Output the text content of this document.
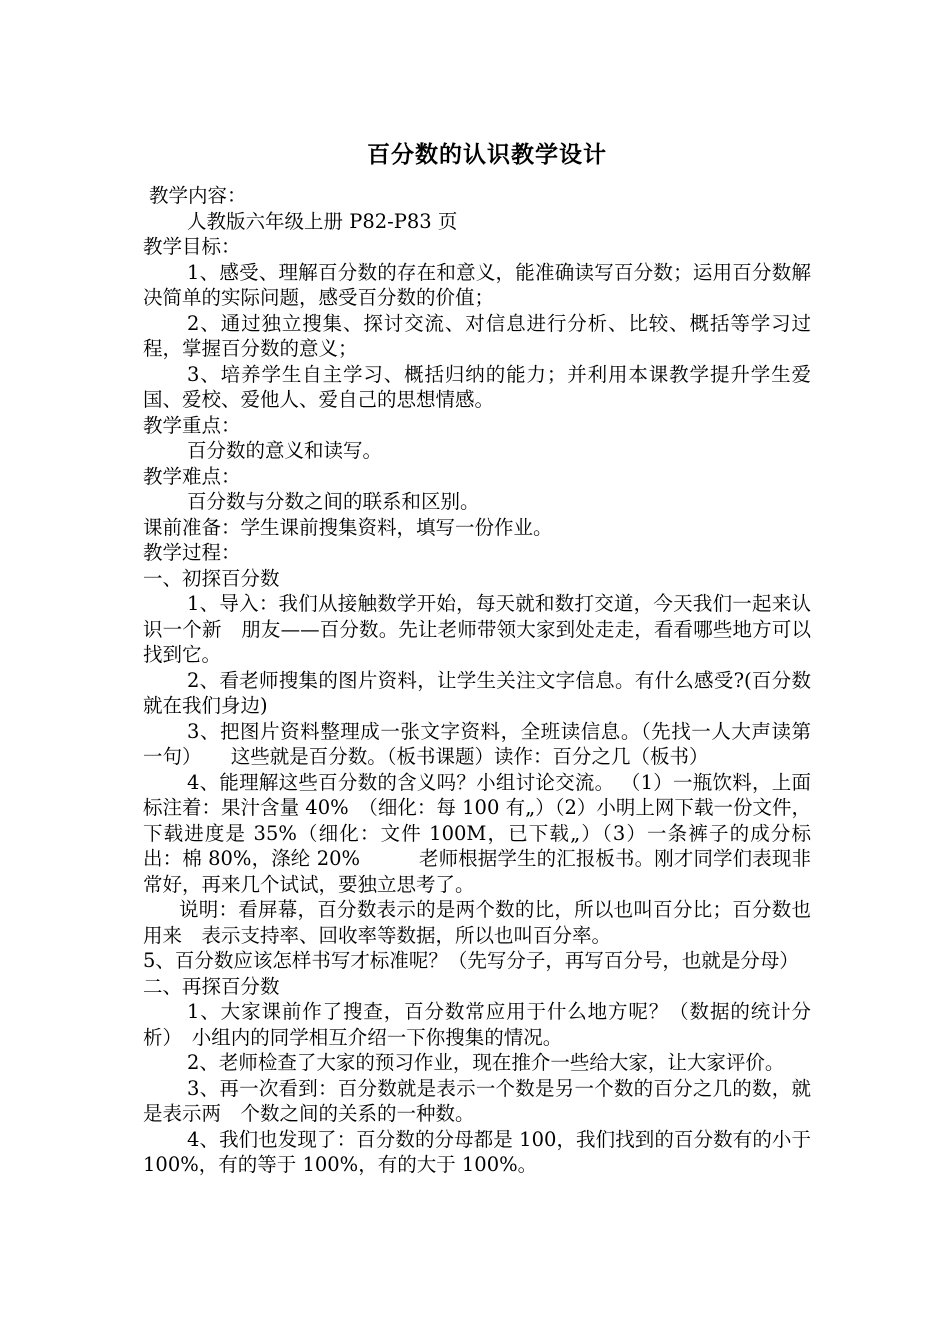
百分数的认识教学设计
教学内容：
人教版六年级上册 P82-P83 页
教学目标：
1、感受、理解百分数的存在和意义，能准确读写百分数；运用百分数解决简单的实际问题，感受百分数的价值；
2、通过独立搜集、探讨交流、对信息进行分析、比较、概括等学习过程，掌握百分数的意义；
3、培养学生自主学习、概括归纳的能力；并利用本课教学提升学生爱国、爱校、爱他人、爱自己的思想情感。
教学重点：
百分数的意义和读写。
教学难点：
百分数与分数之间的联系和区别。
课前准备：学生课前搜集资料，填写一份作业。
教学过程：
一、初探百分数
1、导入：我们从接触数学开始，每天就和数打交道，今天我们一起来认识一个新　朋友——百分数。先让老师带领大家到处走走，看看哪些地方可以找到它。
2、看老师搜集的图片资料，让学生关注文字信息。有什么感受?(百分数就在我们身边)
3、把图片资料整理成一张文字资料，全班读信息。（先找一人大声读第一句）　　这些就是百分数。（板书课题）读作：百分之几（板书）
4、能理解这些百分数的含义吗？小组讨论交流。 （1）一瓶饮料，上面标注着：果汁含量 40%　（细化：每 100 有„）（2）小明上网下载一份文件，下载进度是 35%（细化：文件 100M，已下载„）（3）一条裤子的成分标出：棉 80%，涤纶 20%　　　老师根据学生的汇报板书。刚才同学们表现非常好，再来几个试试，要独立思考了。
说明：看屏幕，百分数表示的是两个数的比，所以也叫百分比；百分数也用来　表示支持率、回收率等数据，所以也叫百分率。
5、百分数应该怎样书写才标准呢？（先写分子，再写百分号，也就是分母）
二、再探百分数
1、大家课前作了搜查，百分数常应用于什么地方呢？（数据的统计分析）　小组内的同学相互介绍一下你搜集的情况。
2、老师检查了大家的预习作业，现在推介一些给大家，让大家评价。
3、再一次看到：百分数就是表示一个数是另一个数的百分之几的数，就是表示两　个数之间的关系的一种数。
4、我们也发现了：百分数的分母都是 100，我们找到的百分数有的小于 100%，有的等于 100%，有的大于 100%。
